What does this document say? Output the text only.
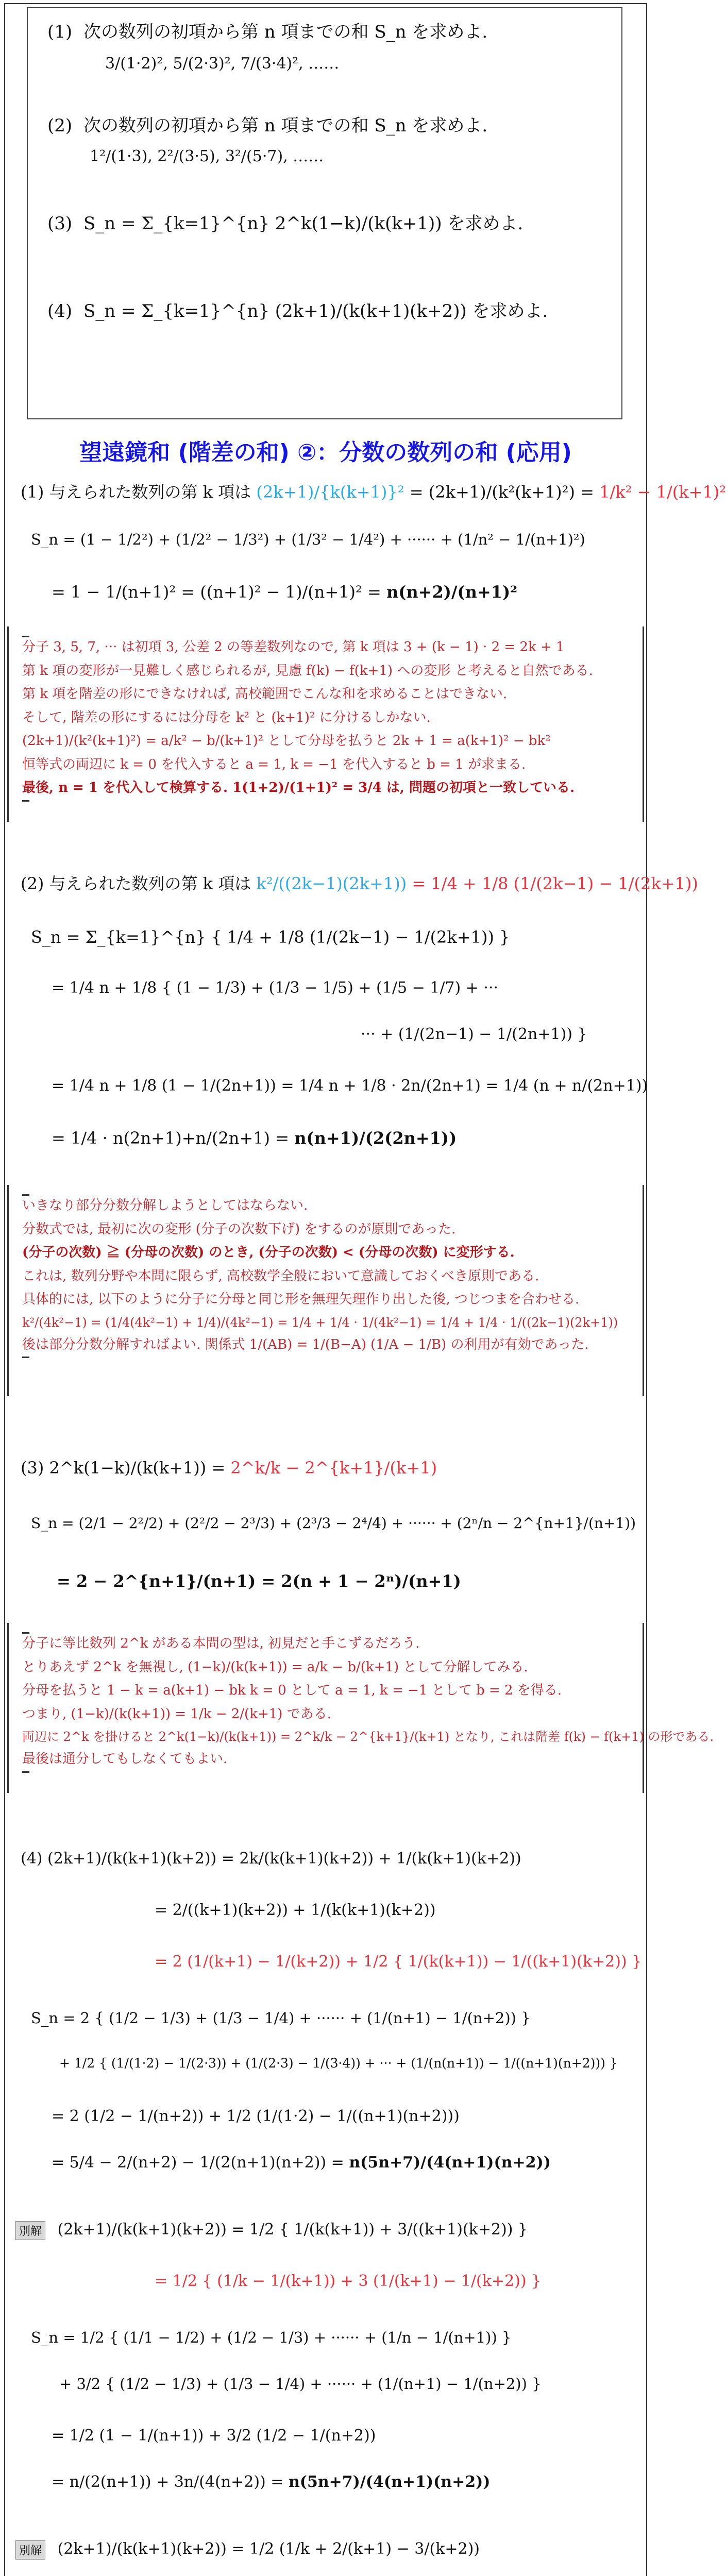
(1) 次の数列の初項から第 n 項までの和 S_n を求めよ.
3/(1·2)², 5/(2·3)², 7/(3·4)², ……
(2) 次の数列の初項から第 n 項までの和 S_n を求めよ.
1²/(1·3), 2²/(3·5), 3²/(5·7), ……
(3) S_n = Σ_{k=1}^{n} 2^k(1−k)/(k(k+1)) を求めよ.
(4) S_n = Σ_{k=1}^{n} (2k+1)/(k(k+1)(k+2)) を求めよ.
望遠鏡和 (階差の和) ②：分数の数列の和 (応用)
(1) 与えられた数列の第 k 項は (2k+1)/{k(k+1)}² = (2k+1)/(k²(k+1)²) = 1/k² − 1/(k+1)²
S_n = (1 − 1/2²) + (1/2² − 1/3²) + (1/3² − 1/4²) + ······ + (1/n² − 1/(n+1)²)
= 1 − 1/(n+1)² = ((n+1)² − 1)/(n+1)² = n(n+2)/(n+1)²
分子 3, 5, 7, ··· は初項 3, 公差 2 の等差数列なので, 第 k 項は 3 + (k − 1) · 2 = 2k + 1
第 k 項の変形が一見難しく感じられるが, 見慮 f(k) − f(k+1) への変形 と考えると自然である.
第 k 項を階差の形にできなければ, 高校範囲でこんな和を求めることはできない.
そして, 階差の形にするには分母を k² と (k+1)² に分けるしかない.
(2k+1)/(k²(k+1)²) = a/k² − b/(k+1)² として分母を払うと 2k + 1 = a(k+1)² − bk²
恒等式の両辺に k = 0 を代入すると a = 1, k = −1 を代入すると b = 1 が求まる.
最後, n = 1 を代入して検算する. 1(1+2)/(1+1)² = 3/4 は, 問題の初項と一致している.
(2) 与えられた数列の第 k 項は k²/((2k−1)(2k+1)) = 1/4 + 1/8 (1/(2k−1) − 1/(2k+1))
S_n = Σ_{k=1}^{n} { 1/4 + 1/8 (1/(2k−1) − 1/(2k+1)) }
= 1/4 n + 1/8 { (1 − 1/3) + (1/3 − 1/5) + (1/5 − 1/7) + ···
··· + (1/(2n−1) − 1/(2n+1)) }
= 1/4 n + 1/8 (1 − 1/(2n+1)) = 1/4 n + 1/8 · 2n/(2n+1) = 1/4 (n + n/(2n+1))
= 1/4 · n(2n+1)+n/(2n+1) = n(n+1)/(2(2n+1))
いきなり部分分数分解しようとしてはならない.
分数式では, 最初に次の変形 (分子の次数下げ) をするのが原則であった.
(分子の次数) ≧ (分母の次数) のとき, (分子の次数) < (分母の次数) に変形する.
これは, 数列分野や本問に限らず, 高校数学全般において意識しておくべき原則である.
具体的には, 以下のように分子に分母と同じ形を無理矢理作り出した後, つじつまを合わせる.
k²/(4k²−1) = (1/4(4k²−1) + 1/4)/(4k²−1) = 1/4 + 1/4 · 1/(4k²−1) = 1/4 + 1/4 · 1/((2k−1)(2k+1))
後は部分分数分解すればよい. 関係式 1/(AB) = 1/(B−A) (1/A − 1/B) の利用が有効であった.
(3) 2^k(1−k)/(k(k+1)) = 2^k/k − 2^{k+1}/(k+1)
S_n = (2/1 − 2²/2) + (2²/2 − 2³/3) + (2³/3 − 2⁴/4) + ······ + (2ⁿ/n − 2^{n+1}/(n+1))
= 2 − 2^{n+1}/(n+1) = 2(n + 1 − 2ⁿ)/(n+1)
分子に等比数列 2^k がある本問の型は, 初見だと手こずるだろう.
とりあえず 2^k を無視し, (1−k)/(k(k+1)) = a/k − b/(k+1) として分解してみる.
分母を払うと 1 − k = a(k+1) − bk k = 0 として a = 1, k = −1 として b = 2 を得る.
つまり, (1−k)/(k(k+1)) = 1/k − 2/(k+1) である.
両辺に 2^k を掛けると 2^k(1−k)/(k(k+1)) = 2^k/k − 2^{k+1}/(k+1) となり, これは階差 f(k) − f(k+1) の形である.
最後は通分してもしなくてもよい.
(4) (2k+1)/(k(k+1)(k+2)) = 2k/(k(k+1)(k+2)) + 1/(k(k+1)(k+2))
= 2/((k+1)(k+2)) + 1/(k(k+1)(k+2))
= 2 (1/(k+1) − 1/(k+2)) + 1/2 { 1/(k(k+1)) − 1/((k+1)(k+2)) }
S_n = 2 { (1/2 − 1/3) + (1/3 − 1/4) + ······ + (1/(n+1) − 1/(n+2)) }
+ 1/2 { (1/(1·2) − 1/(2·3)) + (1/(2·3) − 1/(3·4)) + ··· + (1/(n(n+1)) − 1/((n+1)(n+2))) }
= 2 (1/2 − 1/(n+2)) + 1/2 (1/(1·2) − 1/((n+1)(n+2)))
= 5/4 − 2/(n+2) − 1/(2(n+1)(n+2)) = n(5n+7)/(4(n+1)(n+2))
別解 (2k+1)/(k(k+1)(k+2)) = 1/2 { 1/(k(k+1)) + 3/((k+1)(k+2)) }
= 1/2 { (1/k − 1/(k+1)) + 3 (1/(k+1) − 1/(k+2)) }
S_n = 1/2 { (1/1 − 1/2) + (1/2 − 1/3) + ······ + (1/n − 1/(n+1)) }
+ 3/2 { (1/2 − 1/3) + (1/3 − 1/4) + ······ + (1/(n+1) − 1/(n+2)) }
= 1/2 (1 − 1/(n+1)) + 3/2 (1/2 − 1/(n+2))
= n/(2(n+1)) + 3n/(4(n+2)) = n(5n+7)/(4(n+1)(n+2))
別解 (2k+1)/(k(k+1)(k+2)) = 1/2 (1/k + 2/(k+1) − 3/(k+2))
